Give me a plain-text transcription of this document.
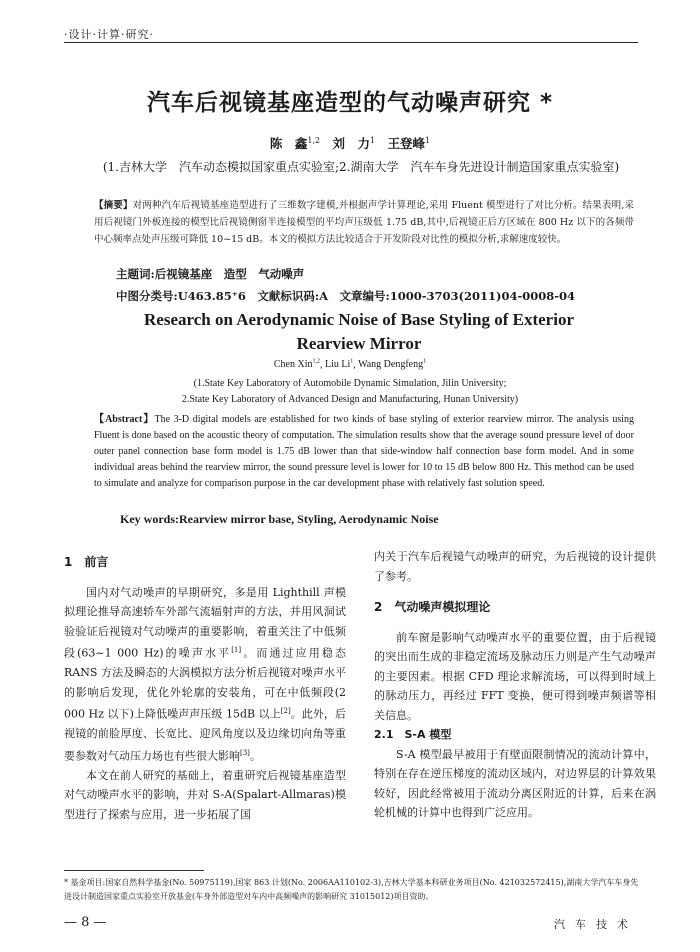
·设计·计算·研究·
汽车后视镜基座造型的气动噪声研究 *
陈　鑫$^{1,2}$ 刘　力$^1$ 王登峰$^1$
(1.吉林大学　汽车动态模拟国家重点实验室;2.湖南大学　汽车车身先进设计制造国家重点实验室)
【摘要】对两种汽车后视镜基座造型进行了三维数字建模,并根据声学计算理论,采用 Fluent 模型进行了对比分析。结果表明,采用后视镜门外板连接的模型比后视镜侧窗半连接模型的平均声压级低 1.75 dB,其中,后视镜正后方区域在 800 Hz 以下的各频带中心频率点处声压级可降低 10~15 dB。本文的模拟方法比较适合于开发阶段对比性的模拟分析,求解速度较快。
主题词:后视镜基座　造型　气动噪声
中图分类号:U463.85⁺6　文献标识码:A　文章编号:1000-3703(2011)04-0008-04
Research on Aerodynamic Noise of Base Styling of Exterior
Rearview Mirror
Chen Xin$^{1,2}$, Liu Li$^1$, Wang Dengfeng$^1$
(1.State Key Laboratory of Automobile Dynamic Simulation, Jilin University;
2.State Key Laboratory of Advanced Design and Manufacturing, Hunan University)
【Abstract】The 3-D digital models are established for two kinds of base styling of exterior rearview mirror. The analysis using Fluent is done based on the acoustic theory of computation. The simulation results show that the average sound pressure level of door outer panel connection base form model is 1.75 dB lower than that side-window half connection base form model. And in some individual areas behind the rearview mirror, the sound pressure level is lower for 10 to 15 dB below 800 Hz. This method can be used to simulate and analyze for comparison purpose in the car development phase with relatively fast solution speed.
Key words:Rearview mirror base, Styling, Aerodynamic Noise
1　前言

国内对气动噪声的早期研究，多是用 Lighthill 声模拟理论推导高速轿车外部气流辐射声的方法，并用风洞试验验证后视镜对气动噪声的重要影响，着重关注了中低频段(63~1 000 Hz)的噪声水平[1]。而通过应用稳态 RANS 方法及瞬态的大涡模拟方法分析后视镜对噪声水平的影响后发现，优化外轮廓的安装角，可在中低频段(2 000 Hz 以下)上降低噪声声压级 15dB 以上[2]。此外，后视镜的前脸厚度、长宽比、迎风角度以及边缘切向角等重要参数对气动压力场也有些很大影响[3]。

本文在前人研究的基础上，着重研究后视镜基座造型对气动噪声水平的影响，并对 S-A(Spalart-Allmaras)模型进行了探索与应用，进一步拓展了国

内关于汽车后视镜气动噪声的研究，为后视镜的设计提供了参考。

2　气动噪声模拟理论

前车窗是影响气动噪声水平的重要位置，由于后视镜的突出而生成的非稳定流场及脉动压力则是产生气动噪声的主要因素。根据 CFD 理论求解流场，可以得到时域上的脉动压力，再经过 FFT 变换，便可得到噪声频谱等相关信息。

2.1　S-A 模型

S-A 模型最早被用于有壁面限制情况的流动计算中，特别在存在逆压梯度的流动区域内，对边界层的计算效果较好，因此经常被用于流动分离区附近的计算，后来在涡轮机械的计算中也得到广泛应用。

* 基金项目:国家自然科学基金(No. 50975119),国家 863 计划(No. 2006AA110102-3),吉林大学基本科研业务项目(No. 421032572415),湖南大学汽车车身先进设计制造国家重点实验室开放基金(车身外部造型对车内中高频噪声的影响研究 31015012)项目资助。
— 8 —	汽车技术
